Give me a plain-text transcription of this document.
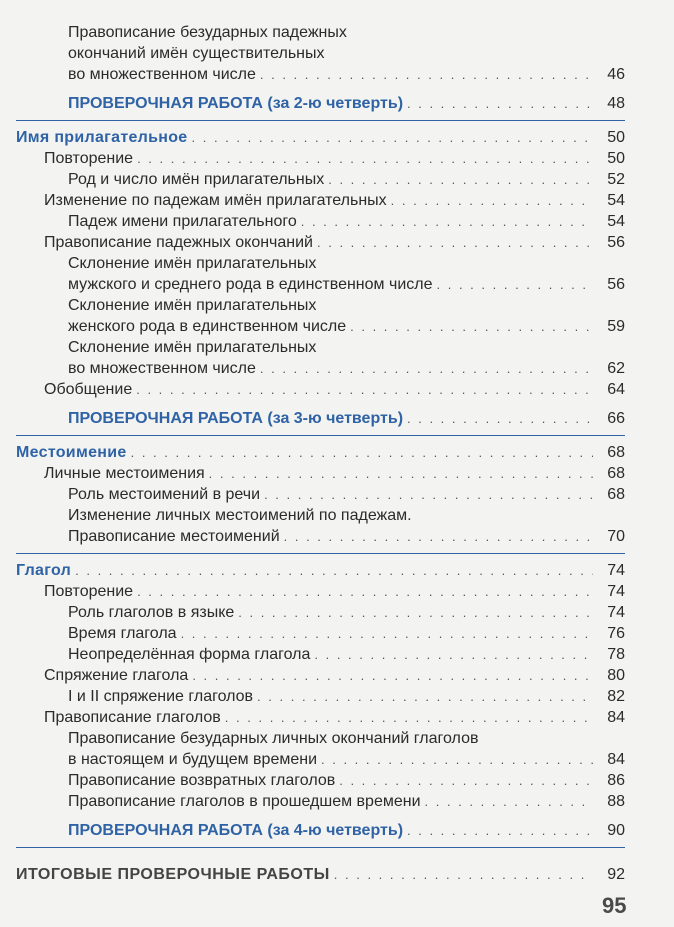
Правописание безударных падежных
окончаний имён существительных
во множественном числе . . .	46
ПРОВЕРОЧНАЯ РАБОТА (за 2-ю четверть) . . .	48
Имя прилагательное . . .	50
Повторение . . .	50
Род и число имён прилагательных . . .	52
Изменение по падежам имён прилагательных . . .	54
Падеж имени прилагательного . . .	54
Правописание падежных окончаний . . .	56
Склонение имён прилагательных
мужского и среднего рода в единственном числе . . .	56
Склонение имён прилагательных
женского рода в единственном числе . . .	59
Склонение имён прилагательных
во множественном числе . . .	62
Обобщение . . .	64
ПРОВЕРОЧНАЯ РАБОТА (за 3-ю четверть) . . .	66
Местоимение . . .	68
Личные местоимения . . .	68
Роль местоимений в речи . . .	68
Изменение личных местоимений по падежам.
Правописание местоимений . . .	70
Глагол . . .	74
Повторение . . .	74
Роль глаголов в языке . . .	74
Время глагола . . .	76
Неопределённая форма глагола . . .	78
Спряжение глагола . . .	80
I и II спряжение глаголов . . .	82
Правописание глаголов . . .	84
Правописание безударных личных окончаний глаголов
в настоящем и будущем времени . . .	84
Правописание возвратных глаголов . . .	86
Правописание глаголов в прошедшем времени . . .	88
ПРОВЕРОЧНАЯ РАБОТА (за 4-ю четверть) . . .	90
ИТОГОВЫЕ ПРОВЕРОЧНЫЕ РАБОТЫ . . .	92
95
